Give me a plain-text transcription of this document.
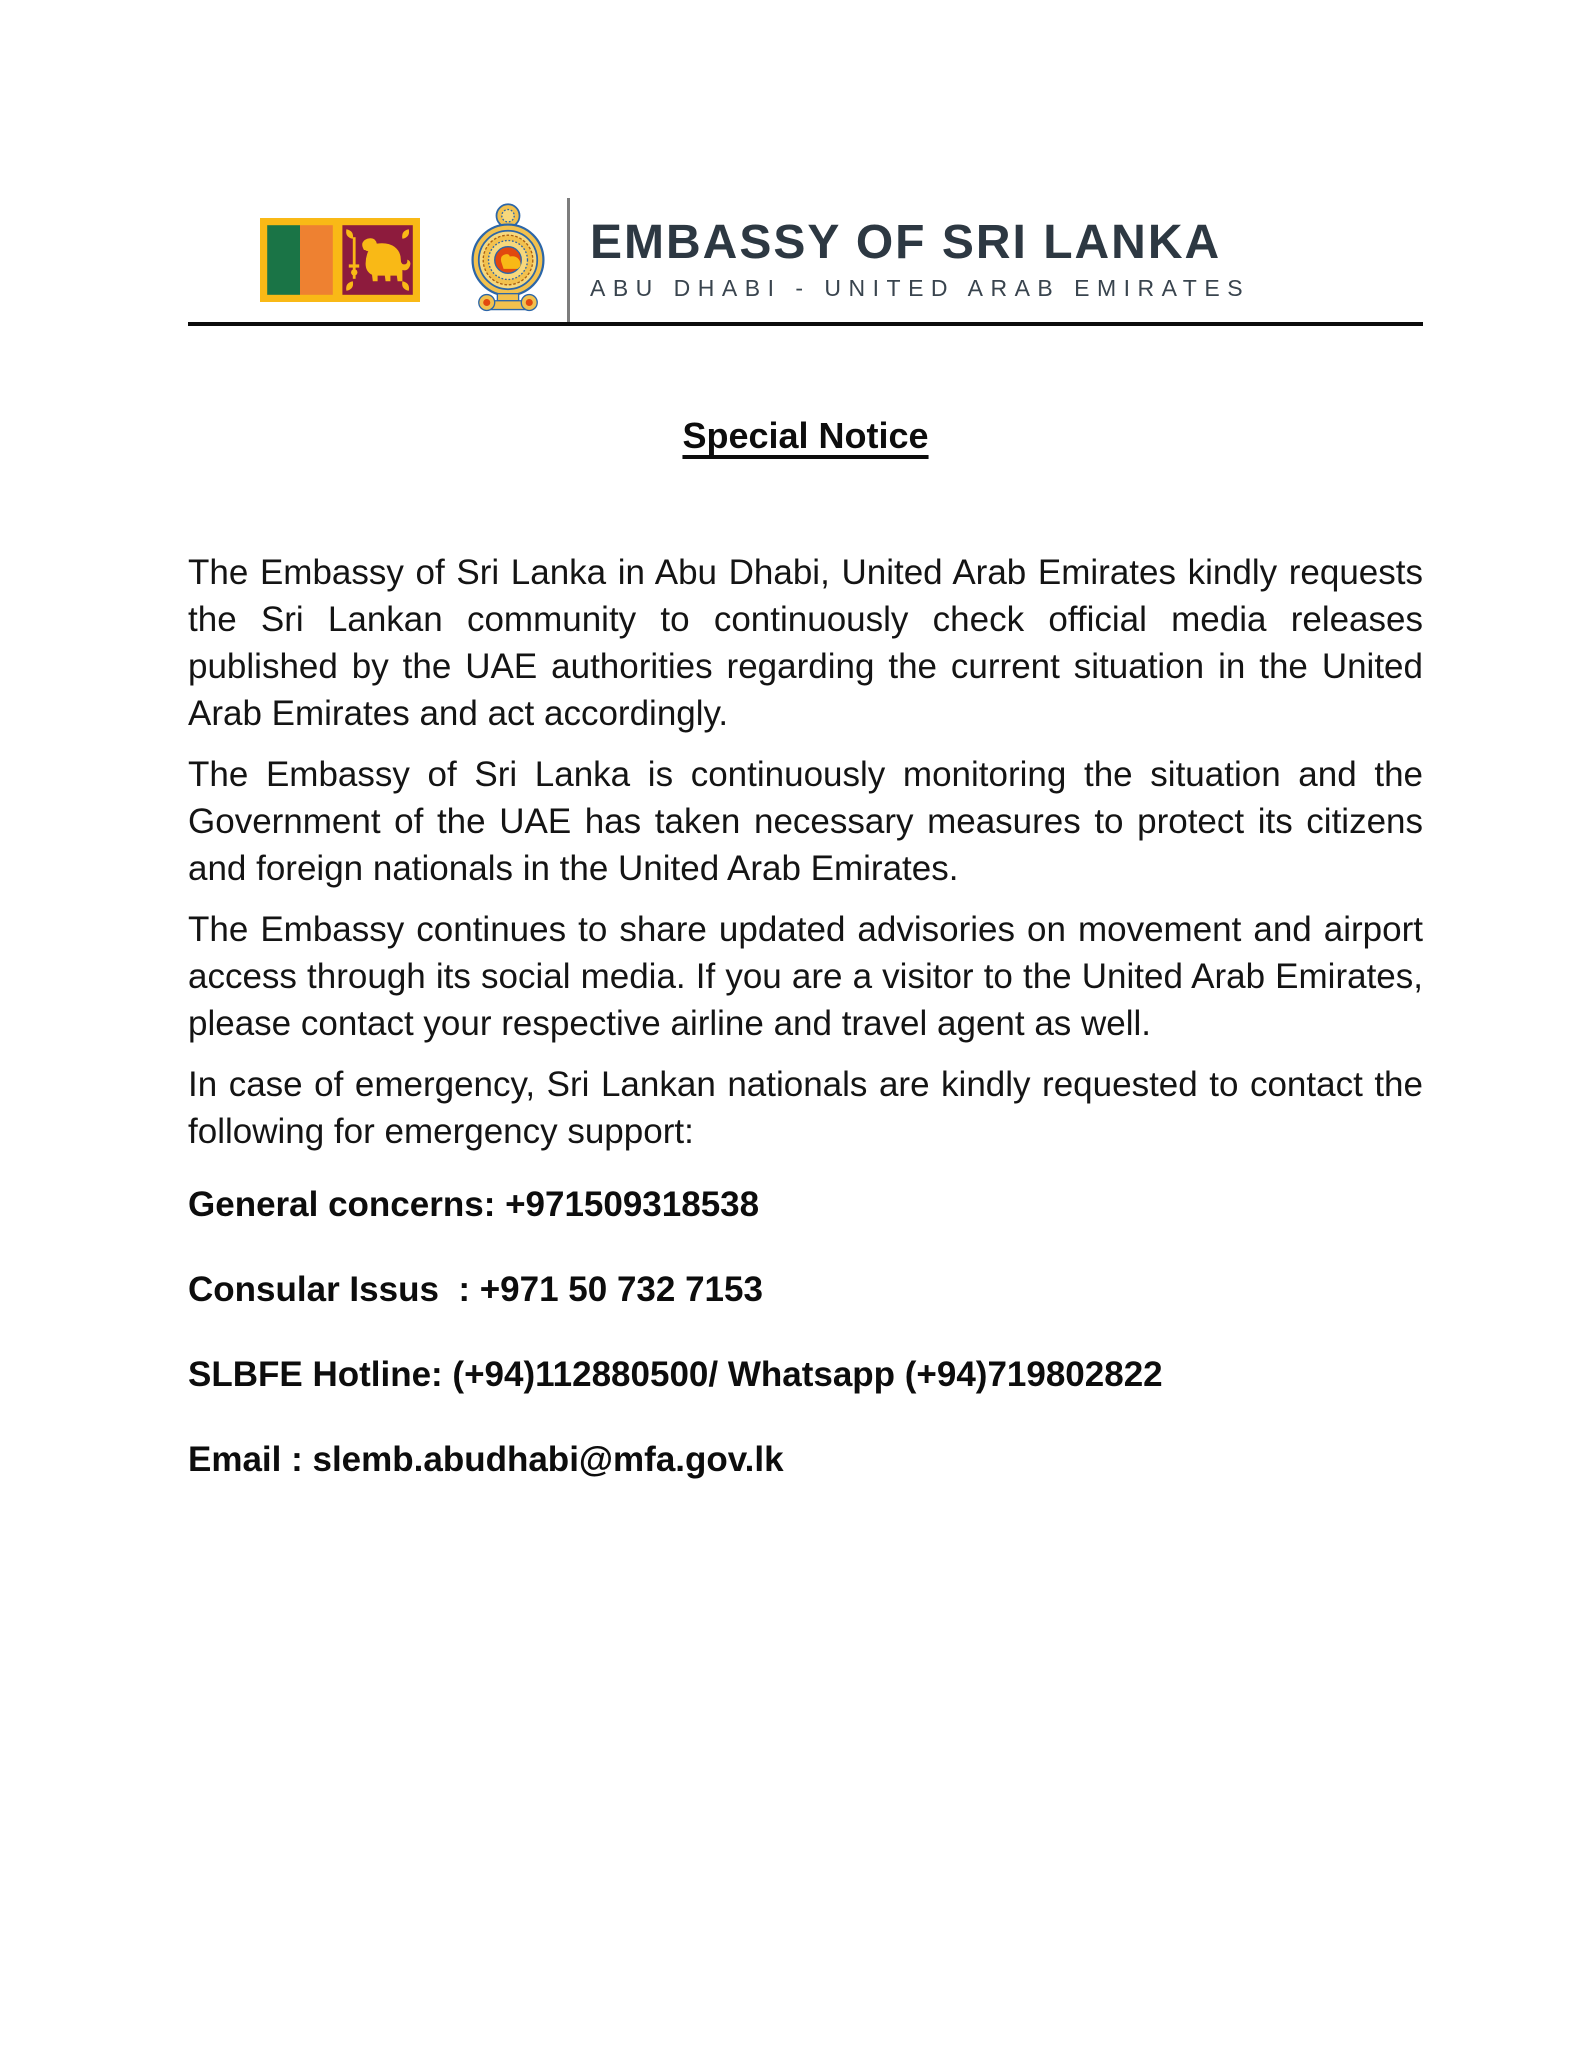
EMBASSY OF SRI LANKA
ABU DHABI - UNITED ARAB EMIRATES
Special Notice

The Embassy of Sri Lanka in Abu Dhabi, United Arab Emirates kindly requests the Sri Lankan community to continuously check official media releases published by the UAE authorities regarding the current situation in the United Arab Emirates and act accordingly.

The Embassy of Sri Lanka is continuously monitoring the situation and the Government of the UAE has taken necessary measures to protect its citizens and foreign nationals in the United Arab Emirates.

The Embassy continues to share updated advisories on movement and airport access through its social media. If you are a visitor to the United Arab Emirates, please contact your respective airline and travel agent as well.

In case of emergency, Sri Lankan nationals are kindly requested to contact the following for emergency support:

General concerns: +971509318538

Consular Issus  : +971 50 732 7153

SLBFE Hotline: (+94)112880500/ Whatsapp (+94)719802822

Email : slemb.abudhabi@mfa.gov.lk
